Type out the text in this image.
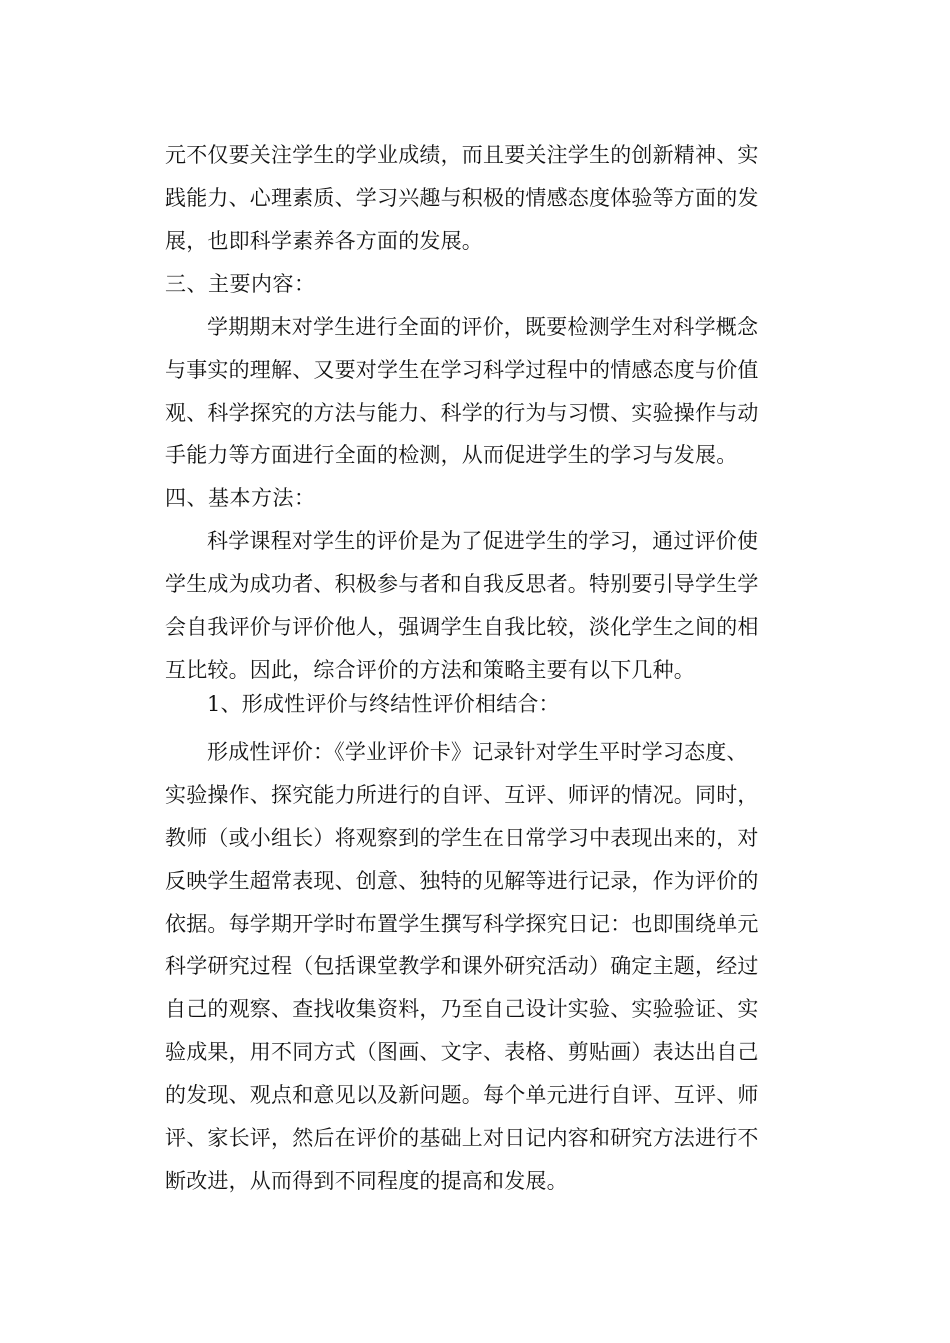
元不仅要关注学生的学业成绩，而且要关注学生的创新精神、实
践能力、心理素质、学习兴趣与积极的情感态度体验等方面的发
展，也即科学素养各方面的发展。
三、主要内容：
学期期末对学生进行全面的评价，既要检测学生对科学概念
与事实的理解、又要对学生在学习科学过程中的情感态度与价值
观、科学探究的方法与能力、科学的行为与习惯、实验操作与动
手能力等方面进行全面的检测，从而促进学生的学习与发展。
四、基本方法：
科学课程对学生的评价是为了促进学生的学习，通过评价使
学生成为成功者、积极参与者和自我反思者。特别要引导学生学
会自我评价与评价他人，强调学生自我比较，淡化学生之间的相
互比较。因此，综合评价的方法和策略主要有以下几种。
1、形成性评价与终结性评价相结合：
形成性评价：《学业评价卡》记录针对学生平时学习态度、
实验操作、探究能力所进行的自评、互评、师评的情况。同时，
教师（或小组长）将观察到的学生在日常学习中表现出来的，对
反映学生超常表现、创意、独特的见解等进行记录，作为评价的
依据。每学期开学时布置学生撰写科学探究日记：也即围绕单元
科学研究过程（包括课堂教学和课外研究活动）确定主题，经过
自己的观察、查找收集资料，乃至自己设计实验、实验验证、实
验成果，用不同方式（图画、文字、表格、剪贴画）表达出自己
的发现、观点和意见以及新问题。每个单元进行自评、互评、师
评、家长评，然后在评价的基础上对日记内容和研究方法进行不
断改进，从而得到不同程度的提高和发展。
